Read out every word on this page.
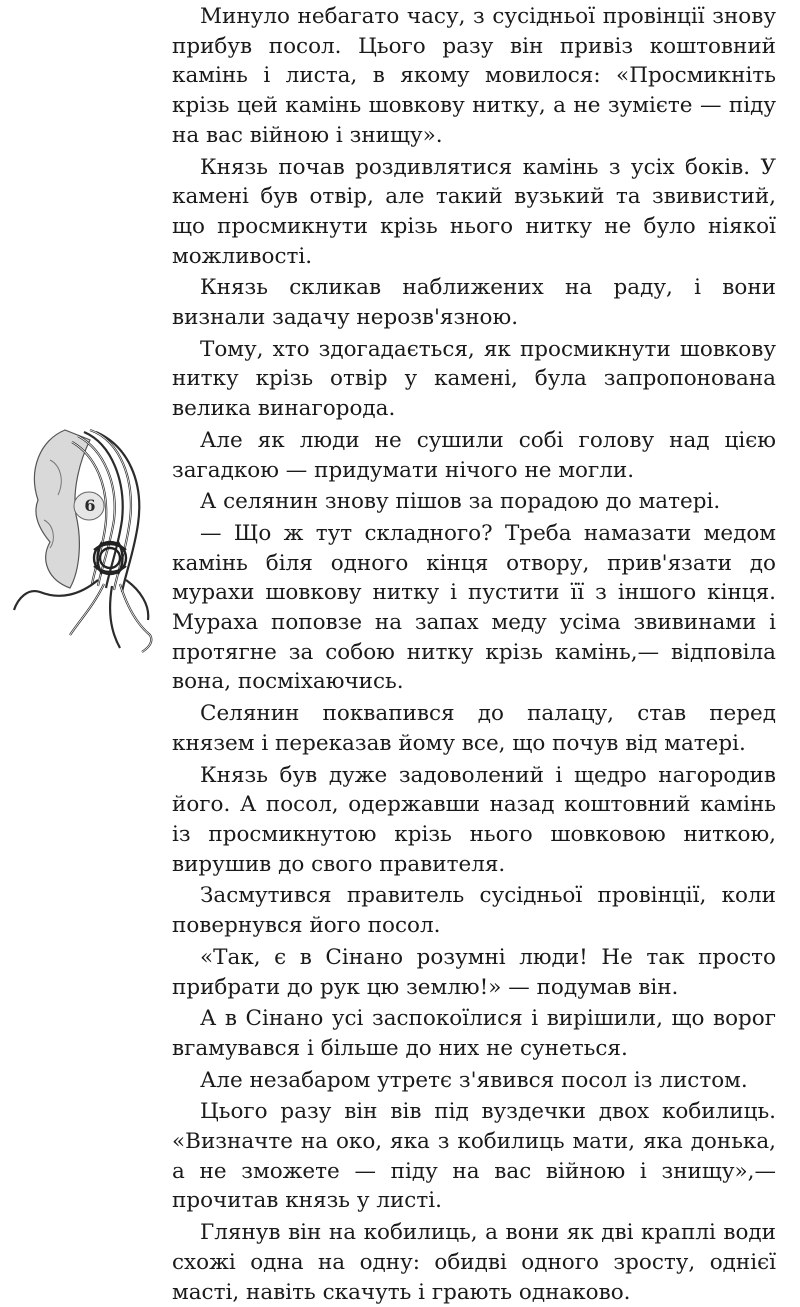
6

Минуло небагато часу, з сусідньої провінції знову прибув посол. Цього разу він привіз коштовний камінь і листа, в якому мовилося: «Просмикніть крізь цей камінь шовкову нитку, а не зумієте — піду на вас війною і знищу».

Князь почав роздивлятися камінь з усіх боків. У камені був отвір, але такий вузький та звивистий, що просмикнути крізь нього нитку не було ніякої можливості.

Князь скликав наближених на раду, і вони визнали задачу нерозв'язною.

Тому, хто здогадається, як просмикнути шовкову нитку крізь отвір у камені, була запропонована велика винагорода.

Але як люди не сушили собі голову над цією загадкою — придумати нічого не могли.

А селянин знову пішов за порадою до матері.

— Що ж тут складного? Треба намазати медом камінь біля одного кінця отвору, прив'язати до мурахи шовкову нитку і пустити її з іншого кінця. Мураха поповзе на запах меду усіма звивинами і протягне за собою нитку крізь камінь,— відповіла вона, посміхаючись.

Селянин поквапився до палацу, став перед князем і переказав йому все, що почув від матері.

Князь був дуже задоволений і щедро нагородив його. А посол, одержавши назад коштовний камінь із просмикнутою крізь нього шовковою ниткою, вирушив до свого правителя.

Засмутився правитель сусідньої провінції, коли повернувся його посол.

«Так, є в Сінано розумні люди! Не так просто прибрати до рук цю землю!» — подумав він.

А в Сінано усі заспокоїлися і вирішили, що ворог вгамувався і більше до них не сунеться.

Але незабаром утретє з'явився посол із листом.

Цього разу він вів під вуздечки двох кобилиць. «Визначте на око, яка з кобилиць мати, яка донька, а не зможете — піду на вас війною і знищу»,— прочитав князь у листі.

Глянув він на кобилиць, а вони як дві краплі води схожі одна на одну: обидві одного зросту, однієї масті, навіть скачуть і грають однаково.
